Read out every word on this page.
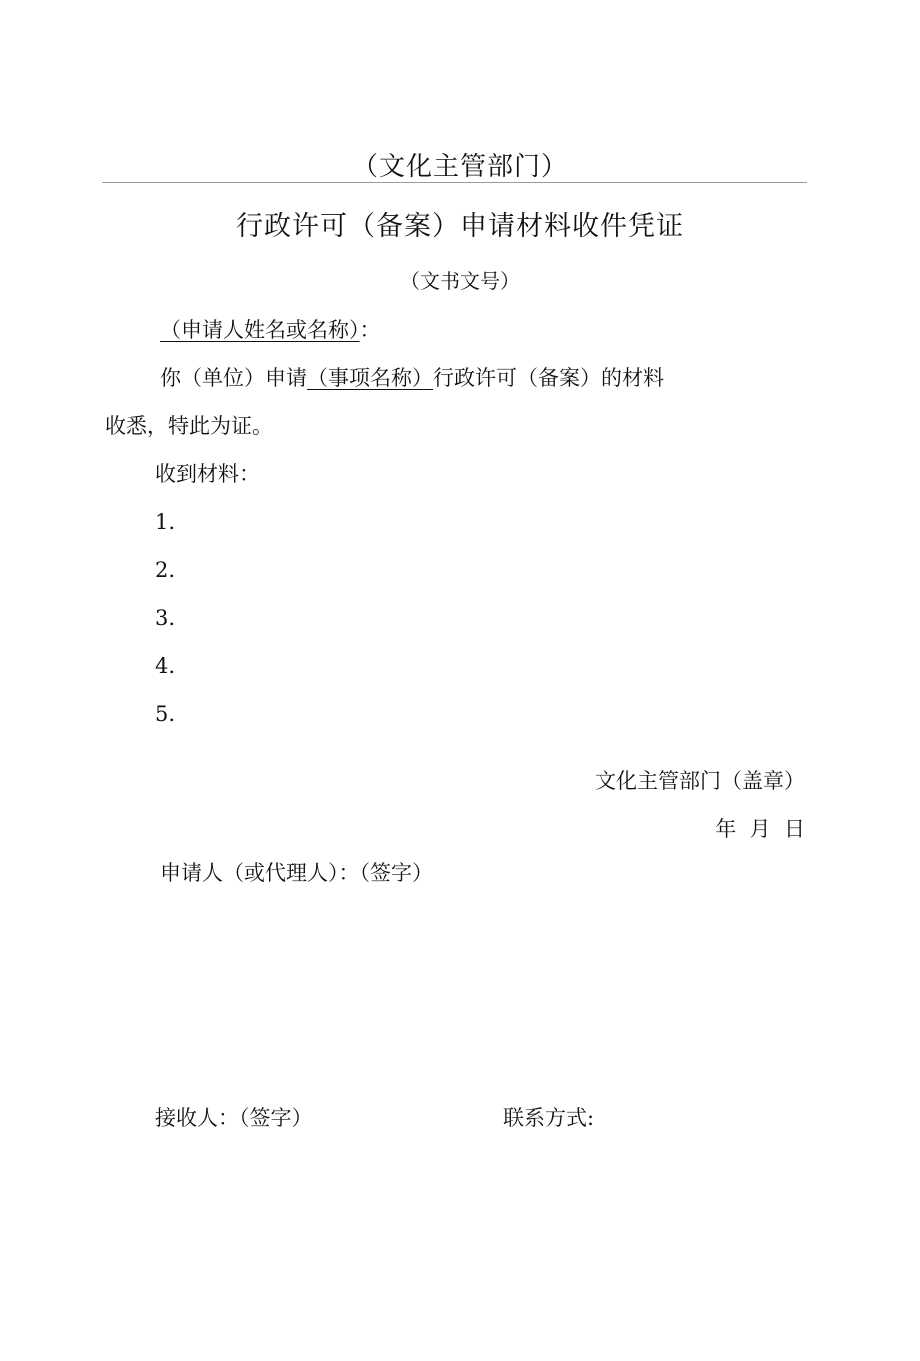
（文化主管部门）
行政许可（备案）申请材料收件凭证
（文书文号）
（申请人姓名或名称）：
你（单位）申请（事项名称）行政许可（备案）的材料
收悉，特此为证。
收到材料：
1.
2.
3.
4.
5.
文化主管部门（盖章）
年  月  日
申请人（或代理人）：（签字）
接收人：（签字）	联系方式:
